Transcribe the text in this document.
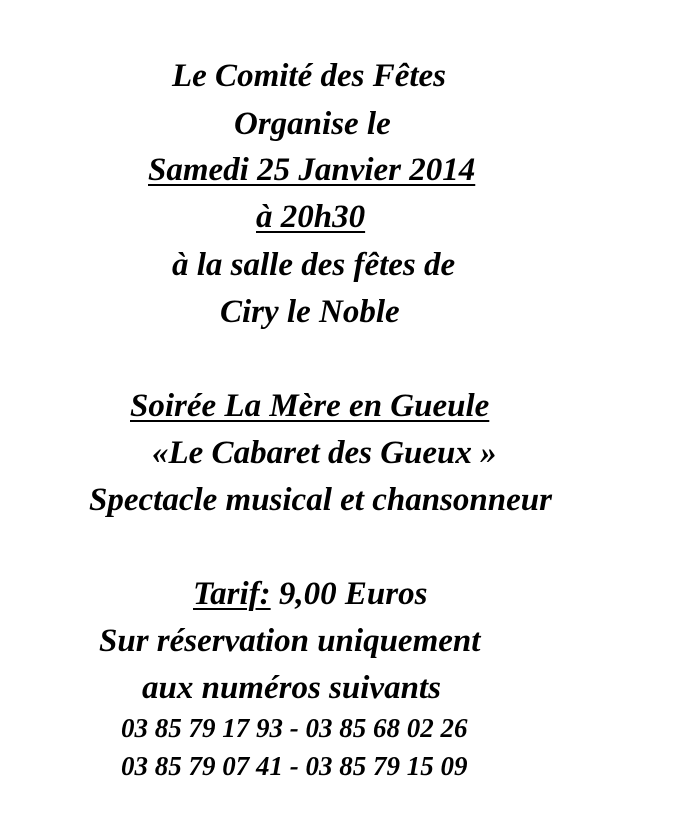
Le Comité des Fêtes
Organise le
Samedi 25 Janvier 2014
à 20h30
à la salle des fêtes de
Ciry le Noble
Soirée La Mère en Gueule
«Le Cabaret des Gueux »
Spectacle musical et chansonneur
Tarif: 9,00 Euros
Sur réservation uniquement
aux numéros suivants
03 85 79 17 93 - 03 85 68 02 26
03 85 79 07 41 - 03 85 79 15 09
